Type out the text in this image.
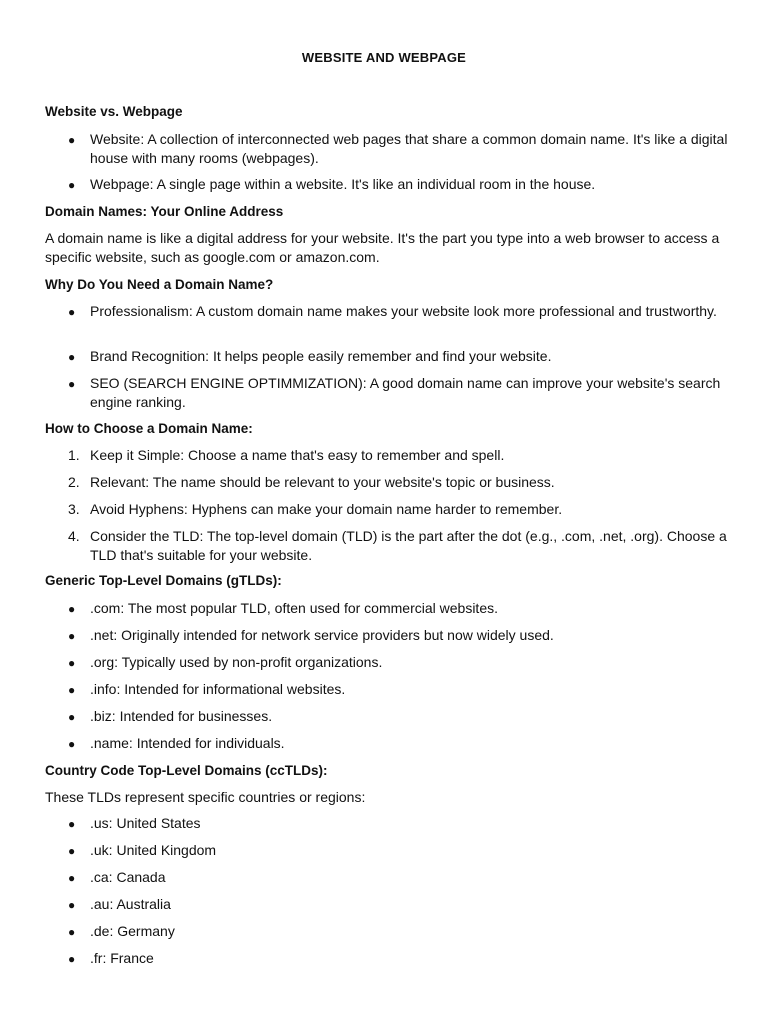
WEBSITE AND WEBPAGE
Website vs. Webpage
● Website: A collection of interconnected web pages that share a common domain name. It's like a digital house with many rooms (webpages).
● Webpage: A single page within a website. It's like an individual room in the house.
Domain Names: Your Online Address
A domain name is like a digital address for your website. It's the part you type into a web browser to access a specific website, such as google.com or amazon.com.
Why Do You Need a Domain Name?
● Professionalism: A custom domain name makes your website look more professional and trustworthy.
● Brand Recognition: It helps people easily remember and find your website.
● SEO (SEARCH ENGINE OPTIMMIZATION): A good domain name can improve your website's search engine ranking.
How to Choose a Domain Name:
1. Keep it Simple: Choose a name that's easy to remember and spell.
2. Relevant: The name should be relevant to your website's topic or business.
3. Avoid Hyphens: Hyphens can make your domain name harder to remember.
4. Consider the TLD: The top-level domain (TLD) is the part after the dot (e.g., .com, .net, .org). Choose a TLD that's suitable for your website.
Generic Top-Level Domains (gTLDs):
● .com: The most popular TLD, often used for commercial websites.
● .net: Originally intended for network service providers but now widely used.
● .org: Typically used by non-profit organizations.
● .info: Intended for informational websites.
● .biz: Intended for businesses.
● .name: Intended for individuals.
Country Code Top-Level Domains (ccTLDs):
These TLDs represent specific countries or regions:
● .us: United States
● .uk: United Kingdom
● .ca: Canada
● .au: Australia
● .de: Germany
● .fr: France
